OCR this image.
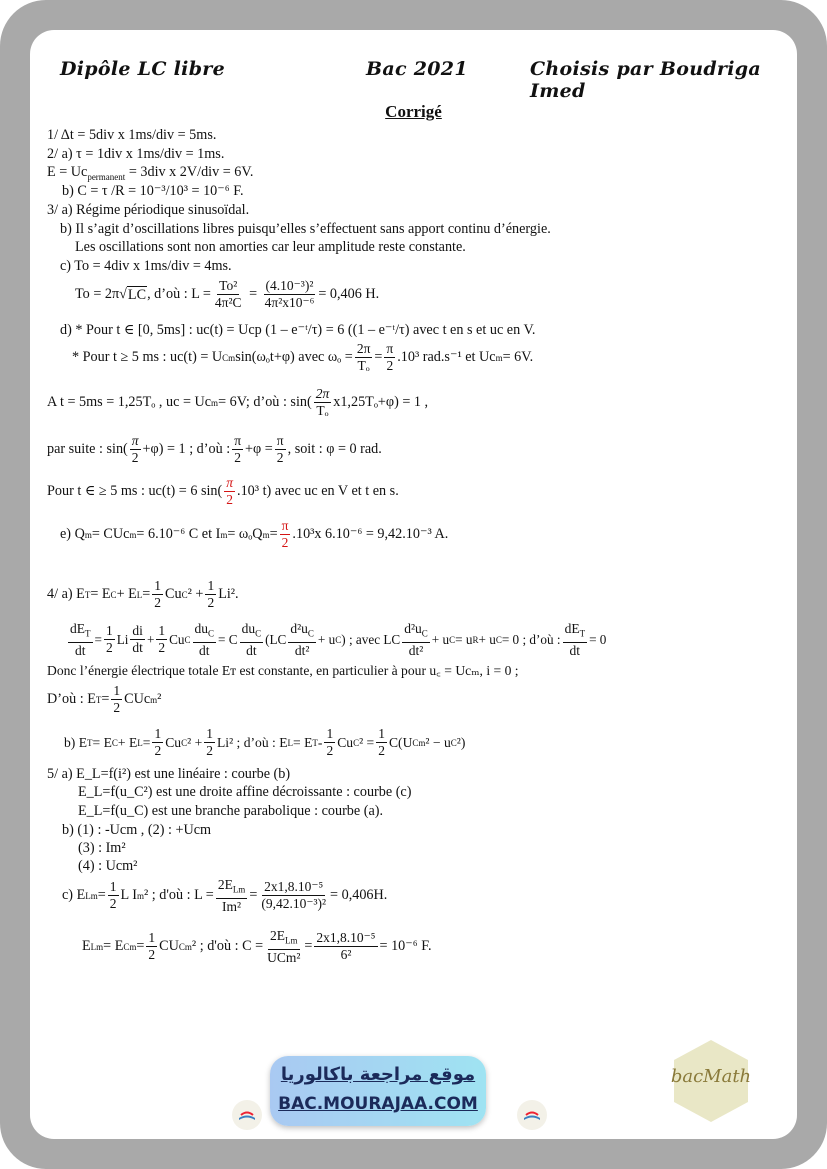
Dipôle LC libre	Bac 2021	Choisis par Boudriga Imed
Corrigé
1/ Δt = 5div x 1ms/div = 5ms.
2/ a) τ = 1div x 1ms/div = 1ms.
$E = Uc_{permanent} = 3div$ x 2V/div = 6V.
b) C = τ /R = 10⁻³/10³ = 10⁻⁶ F.
3/ a) Régime périodique sinusoïdal.
b) Il s’agit d’oscillations libres puisqu’elles s’effectuent sans apport continu d’énergie.
Les oscillations sont non amorties car leur amplitude reste constante.
c) To = 4div x 1ms/div = 4ms.
To = 2π √ LC , d’où : $L = \frac{\text{To²}}{\text{4π²C}} = \frac{\text{(4.10⁻³)²}}{\text{4π²x10⁻⁶}} = 0,406$ H.
d) * Pour t ∈ [0, 5ms] : uc(t) = Ucp (1 – e⁻ᵗ/τ) = 6 ((1 – e⁻ᵗ/τ) avec t en s et uc en V.
* Pour t ≥ 5 ms : uc(t) = U Cm sin(ωₒt+φ) avec $\omega_o = \frac{2\pi}{\text{Tₒ}} = \frac{\pi}{2} .10^3$ rad.s⁻¹ et Uc m = 6V.
A t = 5ms = 1,25Tₒ , uc = Uc m = 6V; d’où : sin(
2π
Tₒ
x1,25Tₒ+φ) = 1 ,
par suite : sin(
π
2
+φ) = 1 ; d’où :
π
2
$+\varphi = \frac{\pi}{2}$ , soit : φ = 0 rad.
Pour t ∈ ≥ 5 ms : uc(t) = 6 sin(
π
2
.10³ t) avec uc en V et t en s.
e) Q m = CUc m = 6.10⁻⁶ C et I m = ωₒQ $m = \frac{\pi}{2} .10^3x$ 6.10⁻⁶ = 9,42.10⁻³ A.
4/ a) E T = E C + E $L = \frac{1}{2}$ Cu C $^2 + \frac{1}{2} Li^2$.
$dE_T$
dt
= $\frac{1}{2}$ Li
di
dt
+ $\frac{1}{2}$ Cu C
$du_C$
dt
= C
$du_C$
dt
(LC
$d^2u_C$
dt²
+ u C ) ; avec LC
$d^2u_C$
dt²
+ u C = u R + u C = 0 ; d’où :
$dE_T$
dt
= 0
Donc l’énergie électrique totale Eᴛ est constante, en particulier à pour u꜀ = Ucₘ, i = 0 ;
D’où : E $T = \frac{1}{2}$ CUc m ²
b) E T = E C + E $L = \frac{1}{2}$ Cu C $^2 + \frac{1}{2} Li^2$ ; d’où : E L = E T -
1
2
Cu C $^2 = \frac{1}{2} C(U$ Cm ² − u C ²)
5/ a) E_L=f(i²) est une linéaire : courbe (b)
E_L=f(u_C²) est une droite affine décroissante : courbe (c)
E_L=f(u_C) est une branche parabolique : courbe (a).
b) (1) : -Ucm , (2) : +Ucm
(3) : Im²
(4) : Ucm²
c) E $Lm = \frac{1}{2}$ L I m ² ; d'où : L =
$2E_{Lm}$
Im²
= $\frac{\text{2x1,8.10⁻⁵}}{\text{(9,42.10⁻³)²}} = 0,406H$.
E Lm = E $Cm = \frac{1}{2}$ CU Cm ² ; d'où : C =
$2E_{Lm}$
UCm²
= $\frac{\text{2x1,8.10⁻⁵}}{\text{6²}} = 10^{-6}$ F.
موقع مراجعة باكالوريا
BAC.MOURAJAA.COM
bacMath
